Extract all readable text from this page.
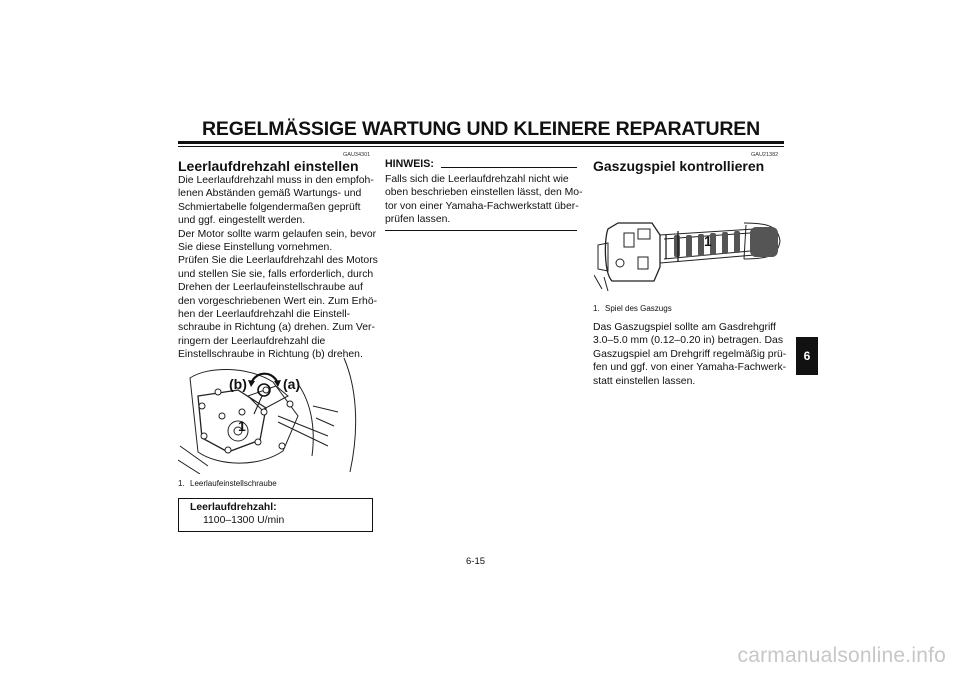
REGELMÄSSIGE WARTUNG UND KLEINERE REPARATUREN
GAU34301
Leerlaufdrehzahl einstellen
Die Leerlaufdrehzahl muss in den empfoh-
lenen Abständen gemäß Wartungs- und
Schmiertabelle folgendermaßen geprüft
und ggf. eingestellt werden.
Der Motor sollte warm gelaufen sein, bevor
Sie diese Einstellung vornehmen.
Prüfen Sie die Leerlaufdrehzahl des Motors
und stellen Sie sie, falls erforderlich, durch
Drehen der Leerlaufeinstellschraube auf
den vorgeschriebenen Wert ein. Zum Erhö-
hen der Leerlaufdrehzahl die Einstell-
schraube in Richtung (a) drehen. Zum Ver-
ringern der Leerlaufdrehzahl die
Einstellschraube in Richtung (b) drehen.
(b)	(a)
1
1. Leerlaufeinstellschraube
Leerlaufdrehzahl:
1100–1300 U/min
HINWEIS:
Falls sich die Leerlaufdrehzahl nicht wie
oben beschrieben einstellen lässt, den Mo-
tor von einer Yamaha-Fachwerkstatt über-
prüfen lassen.
GAU21382
Gaszugspiel kontrollieren
1
1. Spiel des Gaszugs
Das Gaszugspiel sollte am Gasdrehgriff
3.0–5.0 mm (0.12–0.20 in) betragen. Das
Gaszugspiel am Drehgriff regelmäßig prü-
fen und ggf. von einer Yamaha-Fachwerk-
statt einstellen lassen.
6
6-15
carmanualsonline.info
